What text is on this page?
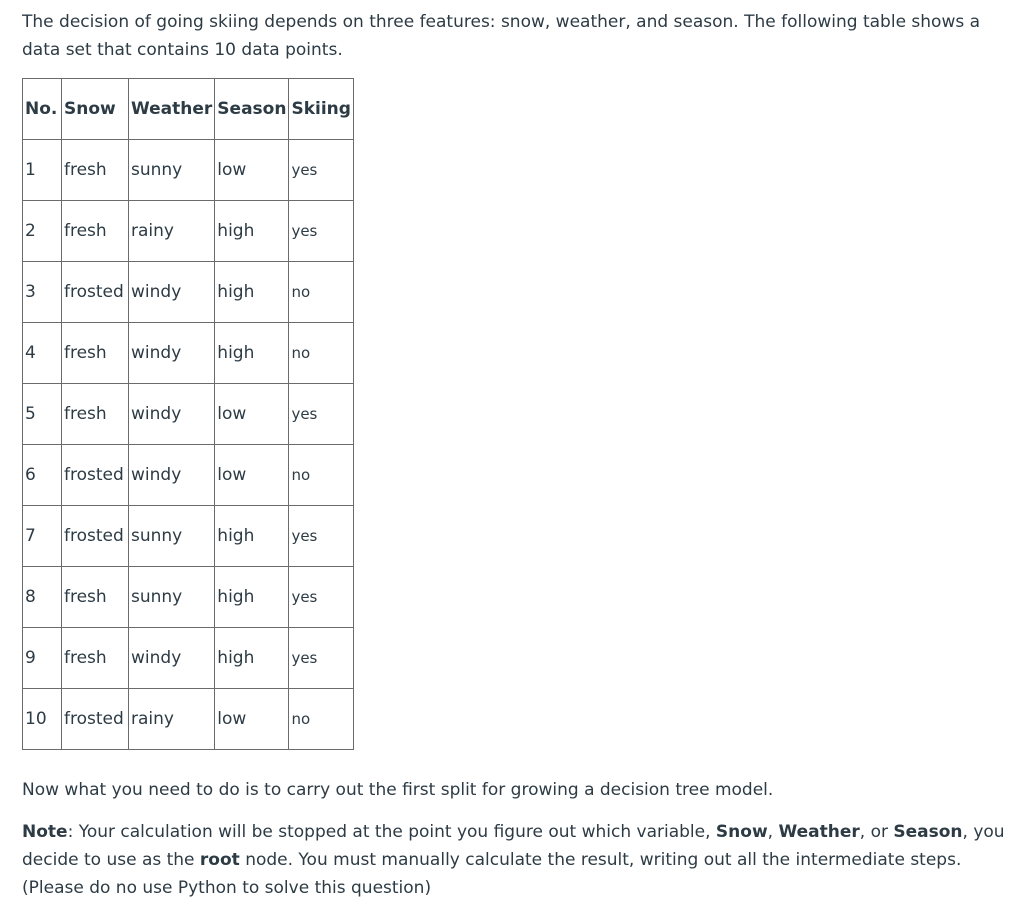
The decision of going skiing depends on three features: snow, weather, and season. The following table shows a data set that contains 10 data points.

No.	Snow	Weather	Season	Skiing
1	fresh	sunny	low	yes
2	fresh	rainy	high	yes
3	frosted	windy	high	no
4	fresh	windy	high	no
5	fresh	windy	low	yes
6	frosted	windy	low	no
7	frosted	sunny	high	yes
8	fresh	sunny	high	yes
9	fresh	windy	high	yes
10	frosted	rainy	low	no

Now what you need to do is to carry out the first split for growing a decision tree model.

Note: Your calculation will be stopped at the point you figure out which variable, Snow, Weather, or Season, you decide to use as the root node. You must manually calculate the result, writing out all the intermediate steps. (Please do no use Python to solve this question)
